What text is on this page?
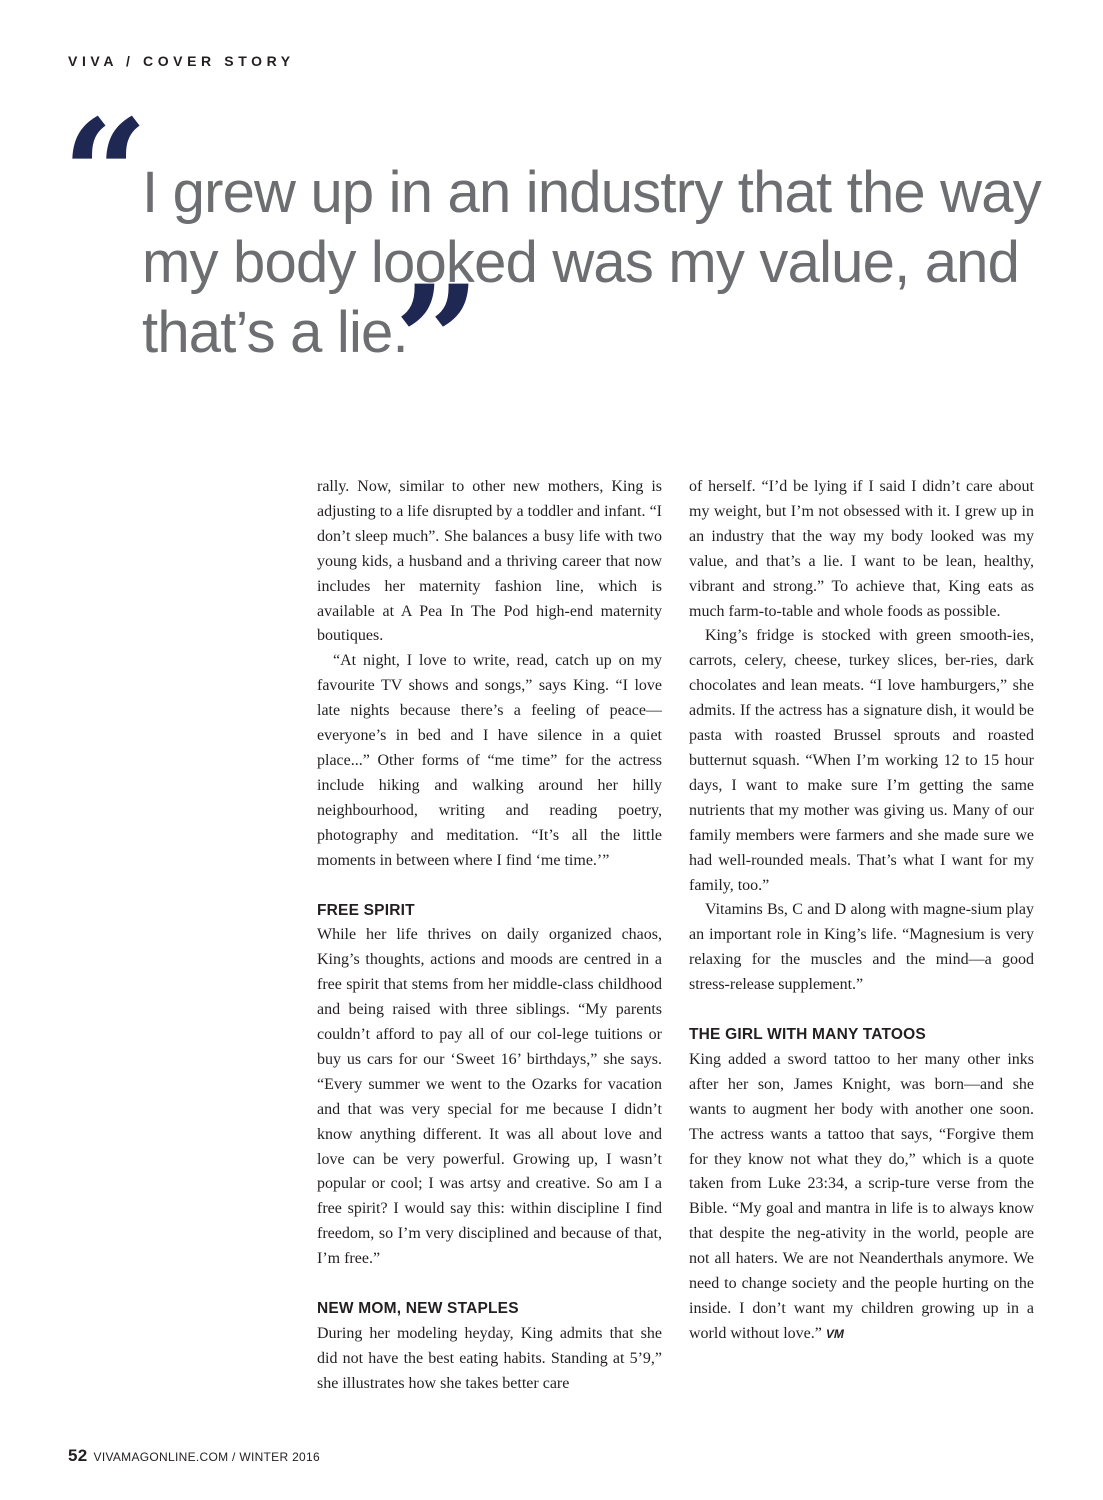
VIVA / COVER STORY
“ I grew up in an industry that the way my body looked was my value, and that’s a lie.
”

rally. Now, similar to other new mothers, King is adjusting to a life disrupted by a toddler and infant. “I don’t sleep much”. She balances a busy life with two young kids, a husband and a thriving career that now includes her maternity fashion line, which is available at A Pea In The Pod high-end maternity boutiques.

“At night, I love to write, read, catch up on my favourite TV shows and songs,” says King. “I love late nights because there’s a feeling of peace—everyone’s in bed and I have silence in a quiet place...” Other forms of “me time” for the actress include hiking and walking around her hilly neighbourhood, writing and reading poetry, photography and meditation. “It’s all the little moments in between where I find ‘me time.’”

FREE SPIRIT

While her life thrives on daily organized chaos, King’s thoughts, actions and moods are centred in a free spirit that stems from her middle-class childhood and being raised with three siblings. “My parents couldn’t afford to pay all of our col-lege tuitions or buy us cars for our ‘Sweet 16’ birthdays,” she says. “Every summer we went to the Ozarks for vacation and that was very special for me because I didn’t know anything different. It was all about love and love can be very powerful. Growing up, I wasn’t popular or cool; I was artsy and creative. So am I a free spirit? I would say this: within discipline I find freedom, so I’m very disciplined and because of that, I’m free.”

NEW MOM, NEW STAPLES

During her modeling heyday, King admits that she did not have the best eating habits. Standing at 5’9,” she illustrates how she takes better care

of herself. “I’d be lying if I said I didn’t care about my weight, but I’m not obsessed with it. I grew up in an industry that the way my body looked was my value, and that’s a lie. I want to be lean, healthy, vibrant and strong.” To achieve that, King eats as much farm-to-table and whole foods as possible.

King’s fridge is stocked with green smooth-ies, carrots, celery, cheese, turkey slices, ber-ries, dark chocolates and lean meats. “I love hamburgers,” she admits. If the actress has a signature dish, it would be pasta with roasted Brussel sprouts and roasted butternut squash. “When I’m working 12 to 15 hour days, I want to make sure I’m getting the same nutrients that my mother was giving us. Many of our family members were farmers and she made sure we had well-rounded meals. That’s what I want for my family, too.”

Vitamins Bs, C and D along with magne-sium play an important role in King’s life. “Magnesium is very relaxing for the muscles and the mind—a good stress-release supplement.”

THE GIRL WITH MANY TATOOS

King added a sword tattoo to her many other inks after her son, James Knight, was born—and she wants to augment her body with another one soon. The actress wants a tattoo that says, “Forgive them for they know not what they do,” which is a quote taken from Luke 23:34, a scrip-ture verse from the Bible. “My goal and mantra in life is to always know that despite the neg-ativity in the world, people are not all haters. We are not Neanderthals anymore. We need to change society and the people hurting on the inside. I don’t want my children growing up in a world without love.” VM

52 VIVAMAGONLINE.COM / WINTER 2016
